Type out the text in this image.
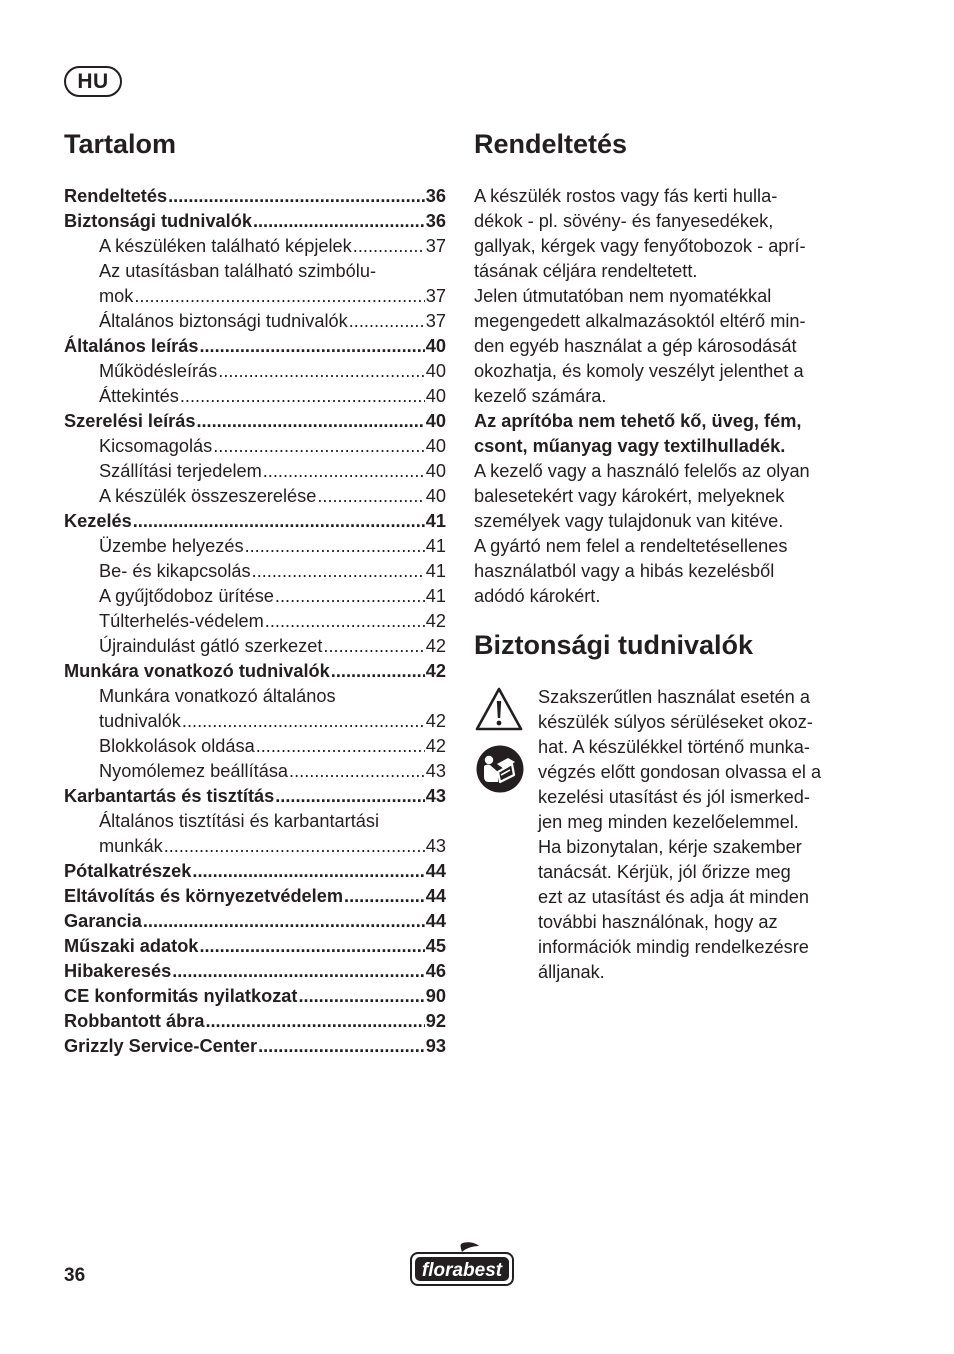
HU
Tartalom
Rendeltetés .....	36
Biztonsági tudnivalók .....	36
A készüléken található képjelek .....	37
Az utasításban található szimbólu-
mok .....	37
Általános biztonsági tudnivalók .....	37
Általános leírás .....	40
Működésleírás .....	40
Áttekintés .....	40
Szerelési leírás .....	40
Kicsomagolás .....	40
Szállítási terjedelem .....	40
A készülék összeszerelése .....	40
Kezelés .....	41
Üzembe helyezés .....	41
Be- és kikapcsolás .....	41
A gyűjtődoboz ürítése .....	41
Túlterhelés-védelem .....	42
Újraindulást gátló szerkezet .....	42
Munkára vonatkozó tudnivalók .....	42
Munkára vonatkozó általános
tudnivalók .....	42
Blokkolások oldása .....	42
Nyomólemez beállítása .....	43
Karbantartás és tisztítás .....	43
Általános tisztítási és karbantartási
munkák .....	43
Pótalkatrészek .....	44
Eltávolítás és környezetvédelem .....	44
Garancia .....	44
Műszaki adatok .....	45
Hibakeresés .....	46
CE konformitás nyilatkozat .....	90
Robbantott ábra .....	92
Grizzly Service-Center .....	93
Rendeltetés
A készülék rostos vagy fás kerti hulla-
dékok - pl. sövény- és fanyesedékek,
gallyak, kérgek vagy fenyőtobozok - aprí-
tásának céljára rendeltetett.
Jelen útmutatóban nem nyomatékkal
megengedett alkalmazásoktól eltérő min-
den egyéb használat a gép károsodását
okozhatja, és komoly veszélyt jelenthet a
kezelő számára.
Az aprítóba nem tehető kő, üveg, fém,
csont, műanyag vagy textilhulladék.
A kezelő vagy a használó felelős az olyan
balesetekért vagy károkért, melyeknek
személyek vagy tulajdonuk van kitéve.
A gyártó nem felel a rendeltetésellenes
használatból vagy a hibás kezelésből
adódó károkért.
Biztonsági tudnivalók
Szakszerűtlen használat esetén a
készülék súlyos sérüléseket okoz-
hat. A készülékkel történő munka-
végzés előtt gondosan olvassa el a
kezelési utasítást és jól ismerked-
jen meg minden kezelőelemmel.
Ha bizonytalan, kérje szakember
tanácsát. Kérjük, jól őrizze meg
ezt az utasítást és adja át minden
további használónak, hogy az
információk mindig rendelkezésre
álljanak.
36	florabest
